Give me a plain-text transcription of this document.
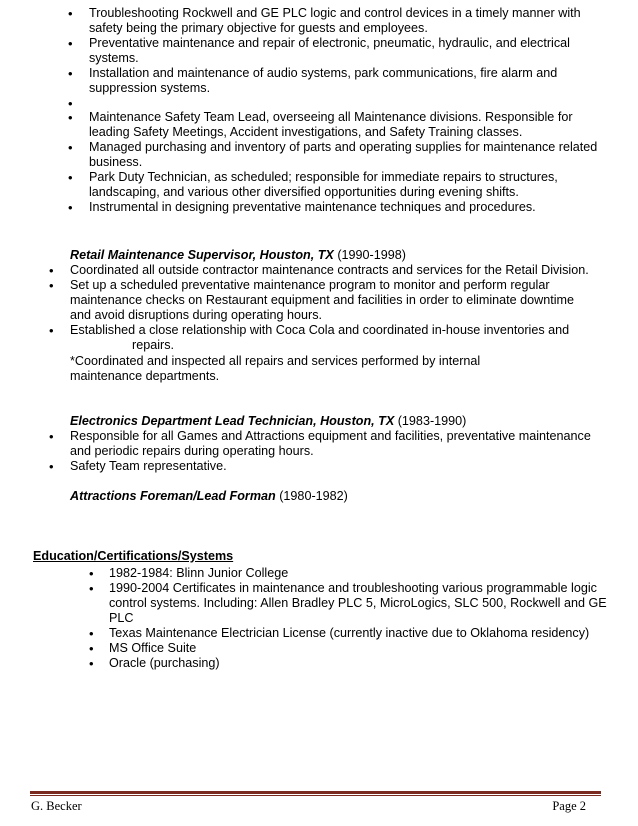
• Troubleshooting Rockwell and GE PLC logic and control devices in a timely manner with safety being the primary objective for guests and employees.
• Preventative maintenance and repair of electronic, pneumatic, hydraulic, and electrical systems.
• Installation and maintenance of audio systems, park communications, fire alarm and suppression systems.
•
• Maintenance Safety Team Lead, overseeing all Maintenance divisions. Responsible for leading Safety Meetings, Accident investigations, and Safety Training classes.
• Managed purchasing and inventory of parts and operating supplies for maintenance related business.
• Park Duty Technician, as scheduled; responsible for immediate repairs to structures, landscaping, and various other diversified opportunities during evening shifts.
• Instrumental in designing preventative maintenance techniques and procedures.
Retail Maintenance Supervisor, Houston, TX (1990-1998)
• Coordinated all outside contractor maintenance contracts and services for the Retail Division.
• Set up a scheduled preventative maintenance program to monitor and perform regular maintenance checks on Restaurant equipment and facilities in order to eliminate downtime and avoid disruptions during operating hours.
• Established a close relationship with Coca Cola and coordinated in-house inventories and
repairs.
*Coordinated and inspected all repairs and services performed by internal maintenance departments.
Electronics Department Lead Technician, Houston, TX (1983-1990)
• Responsible for all Games and Attractions equipment and facilities, preventative maintenance and periodic repairs during operating hours.
• Safety Team representative.
Attractions Foreman/Lead Forman (1980-1982)
Education/Certifications/Systems
• 1982-1984: Blinn Junior College
• 1990-2004 Certificates in maintenance and troubleshooting various programmable logic control systems. Including: Allen Bradley PLC 5, MicroLogics, SLC 500, Rockwell and GE PLC
• Texas Maintenance Electrician License (currently inactive due to Oklahoma residency)
• MS Office Suite
• Oracle (purchasing)
G. Becker	Page 2
